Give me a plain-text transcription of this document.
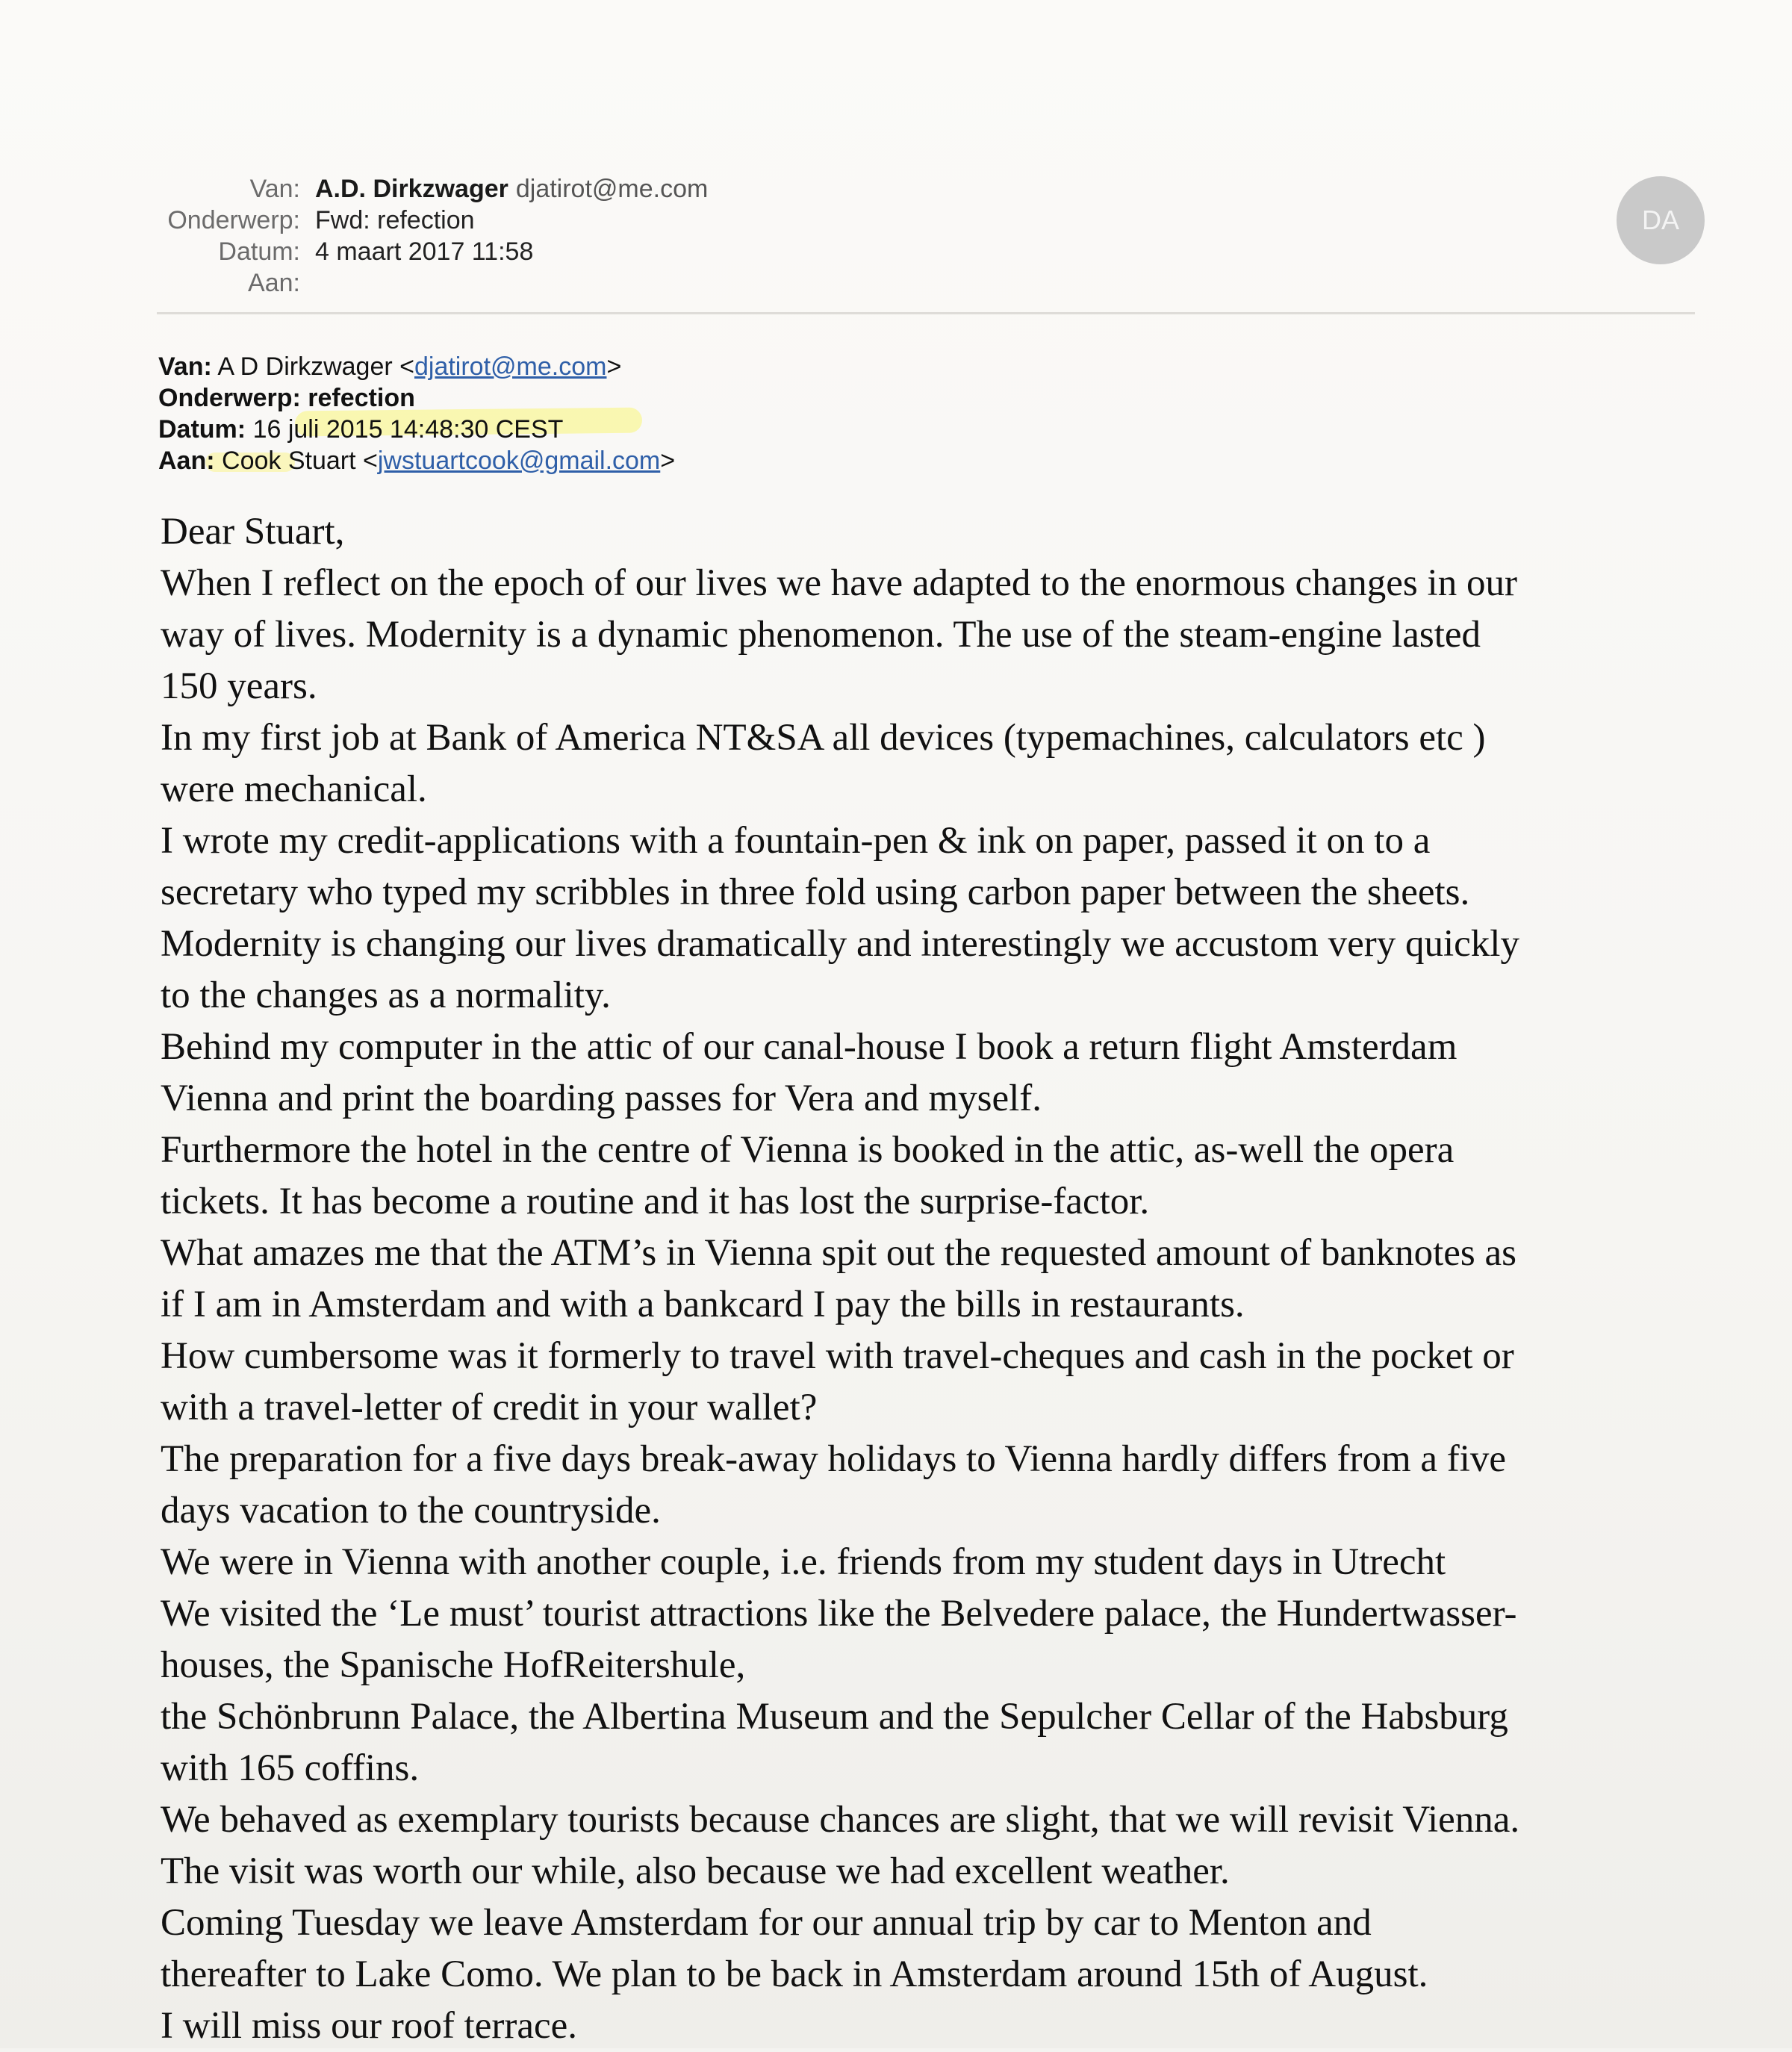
Van: A.D. Dirkzwager djatirot@me.com
Onderwerp: Fwd: refection
Datum: 4 maart 2017 11:58
Aan:
DA
Van: A D Dirkzwager <djatirot@me.com>
Onderwerp: refection
Datum: 16 juli 2015 14:48:30 CEST
Aan: Cook Stuart <jwstuartcook@gmail.com>
Dear Stuart,
When I reflect on the epoch of our lives we have adapted to the enormous changes in our
way of lives. Modernity is a dynamic phenomenon. The use of the steam-engine lasted
150 years.
In my first job at Bank of America NT&SA all devices (typemachines, calculators etc )
were mechanical.
I wrote my credit-applications with a fountain-pen & ink on paper, passed it on to a
secretary who typed my scribbles in three fold using carbon paper between the sheets.
Modernity is changing our lives dramatically and interestingly we accustom very quickly
to the changes as a normality.
Behind my computer in the attic of our canal-house I book a return flight Amsterdam
Vienna and print the boarding passes for Vera and myself.
Furthermore the hotel in the centre of Vienna is booked in the attic, as-well the opera
tickets. It has become a routine and it has lost the surprise-factor.
What amazes me that the ATM’s in Vienna spit out the requested amount of banknotes as
if I am in Amsterdam and with a bankcard I pay the bills in restaurants.
How cumbersome was it formerly to travel with travel-cheques and cash in the pocket or
with a travel-letter of credit in your wallet?
The preparation for a five days break-away holidays to Vienna hardly differs from a five
days vacation to the countryside.
We were in Vienna with another couple, i.e. friends from my student days in Utrecht
We visited the ‘Le must’ tourist attractions like the Belvedere palace, the Hundertwasser-
houses, the Spanische HofReitershule,
the Schönbrunn Palace, the Albertina Museum and the Sepulcher Cellar of the Habsburg
with 165 coffins.
We behaved as exemplary tourists because chances are slight, that we will revisit Vienna.
The visit was worth our while, also because we had excellent weather.
Coming Tuesday we leave Amsterdam for our annual trip by car to Menton and
thereafter to Lake Como. We plan to be back in Amsterdam around 15th of August.
I will miss our roof terrace.
